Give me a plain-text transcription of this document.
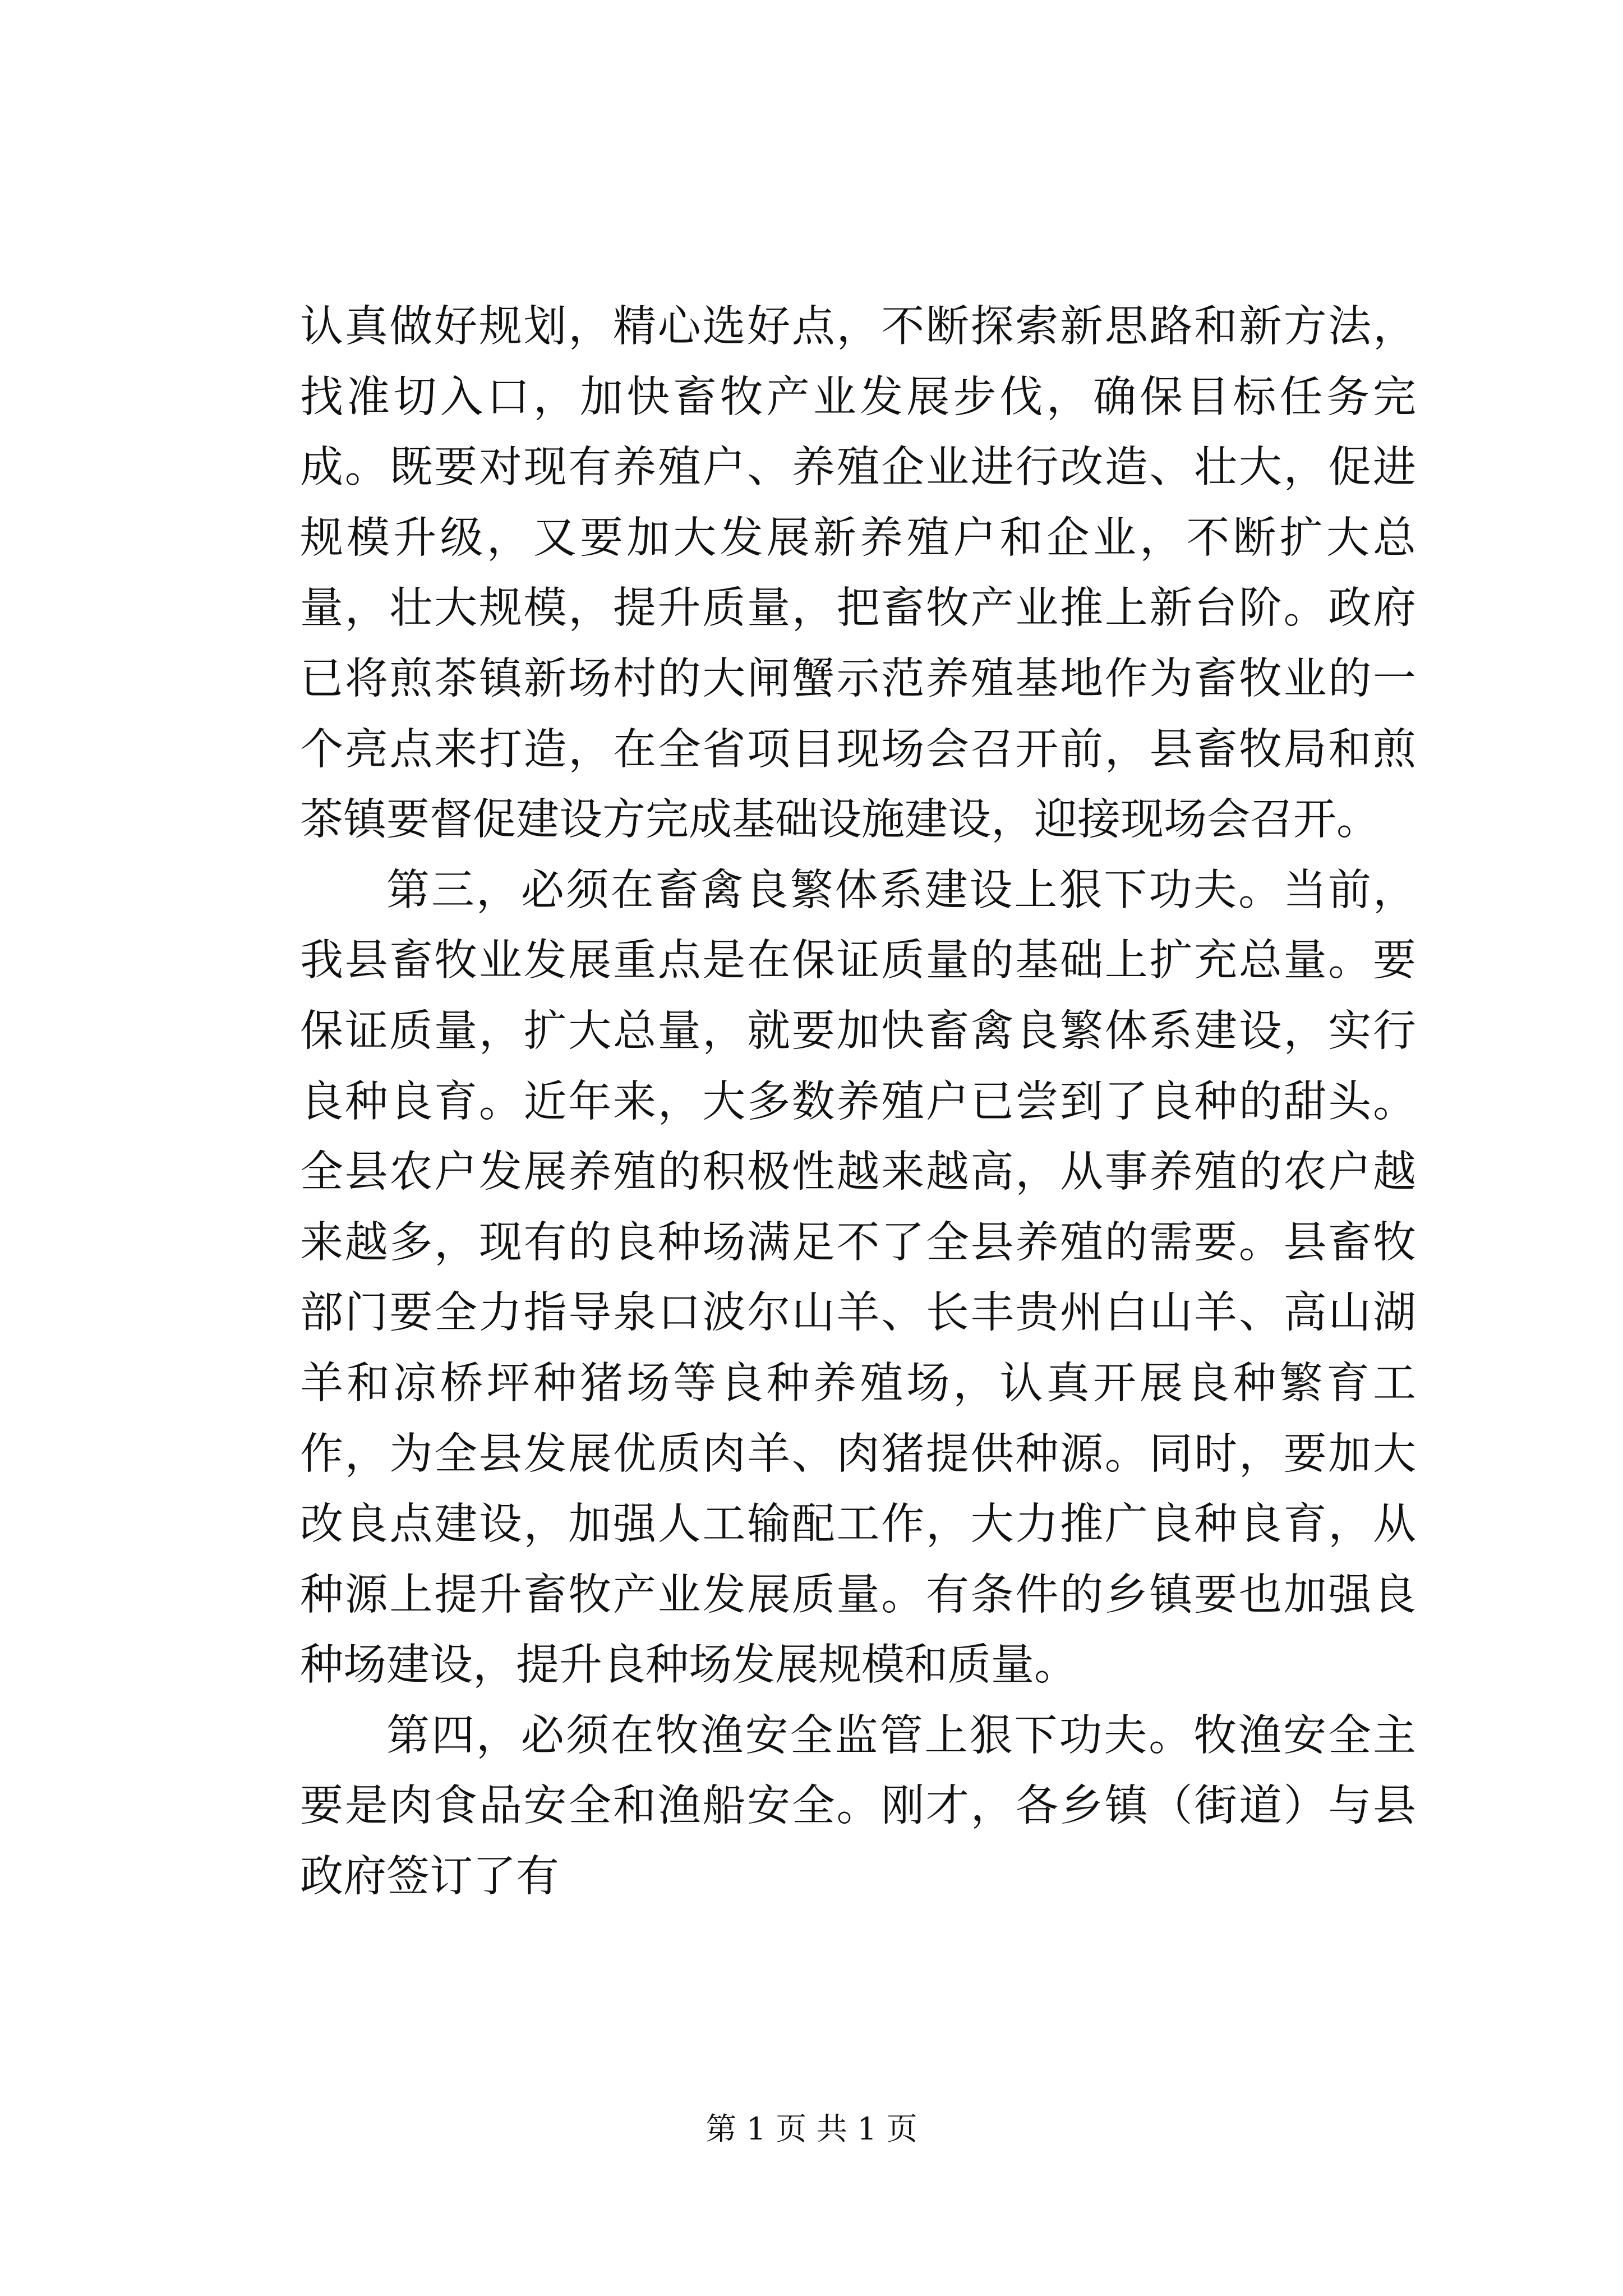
认真做好规划，精心选好点，不断探索新思路和新方法，找准切入口，加快畜牧产业发展步伐，确保目标任务完成。既要对现有养殖户、养殖企业进行改造、壮大，促进规模升级，又要加大发展新养殖户和企业，不断扩大总量，壮大规模，提升质量，把畜牧产业推上新台阶。政府已将煎茶镇新场村的大闸蟹示范养殖基地作为畜牧业的一个亮点来打造，在全省项目现场会召开前，县畜牧局和煎茶镇要督促建设方完成基础设施建设，迎接现场会召开。

第三，必须在畜禽良繁体系建设上狠下功夫。当前，我县畜牧业发展重点是在保证质量的基础上扩充总量。要保证质量，扩大总量，就要加快畜禽良繁体系建设，实行良种良育。近年来，大多数养殖户已尝到了良种的甜头。全县农户发展养殖的积极性越来越高，从事养殖的农户越来越多，现有的良种场满足不了全县养殖的需要。县畜牧部门要全力指导泉口波尔山羊、长丰贵州白山羊、高山湖羊和凉桥坪种猪场等良种养殖场，认真开展良种繁育工作，为全县发展优质肉羊、肉猪提供种源。同时，要加大改良点建设，加强人工输配工作，大力推广良种良育，从种源上提升畜牧产业发展质量。有条件的乡镇要也加强良种场建设，提升良种场发展规模和质量。

第四，必须在牧渔安全监管上狠下功夫。牧渔安全主要是肉食品安全和渔船安全。刚才，各乡镇（街道）与县政府签订了有

第 1 页 共 1 页
